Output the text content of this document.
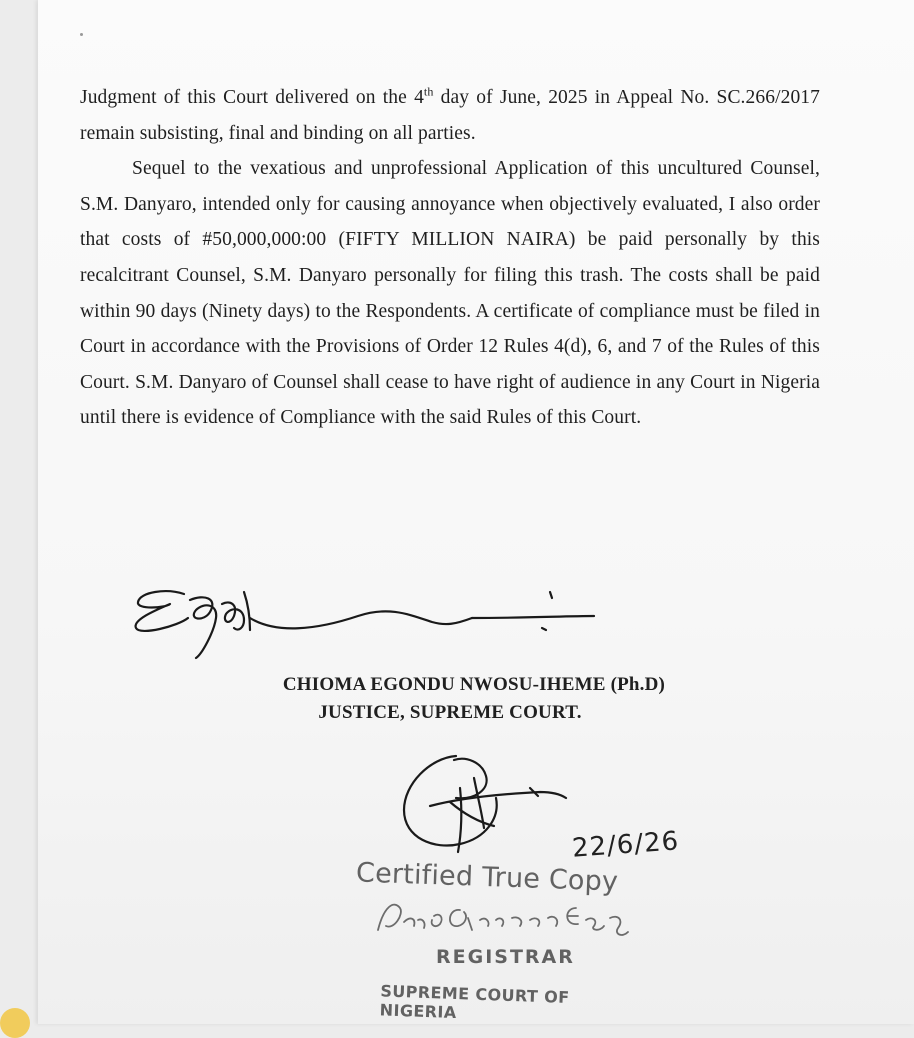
Judgment of this Court delivered on the 4th day of June, 2025 in Appeal No. SC.266/2017 remain subsisting, final and binding on all parties.

Sequel to the vexatious and unprofessional Application of this uncultured Counsel, S.M. Danyaro, intended only for causing annoyance when objectively evaluated, I also order that costs of #50,000,000:00 (FIFTY MILLION NAIRA) be paid personally by this recalcitrant Counsel, S.M. Danyaro personally for filing this trash. The costs shall be paid within 90 days (Ninety days) to the Respondents. A certificate of compliance must be filed in Court in accordance with the Provisions of Order 12 Rules 4(d), 6, and 7 of the Rules of this Court. S.M. Danyaro of Counsel shall cease to have right of audience in any Court in Nigeria until there is evidence of Compliance with the said Rules of this Court.

CHIOMA EGONDU NWOSU-IHEME (Ph.D)
JUSTICE, SUPREME COURT.
22/6/26
Certified True Copy
REGISTRAR
SUPREME COURT OF NIGERIA
